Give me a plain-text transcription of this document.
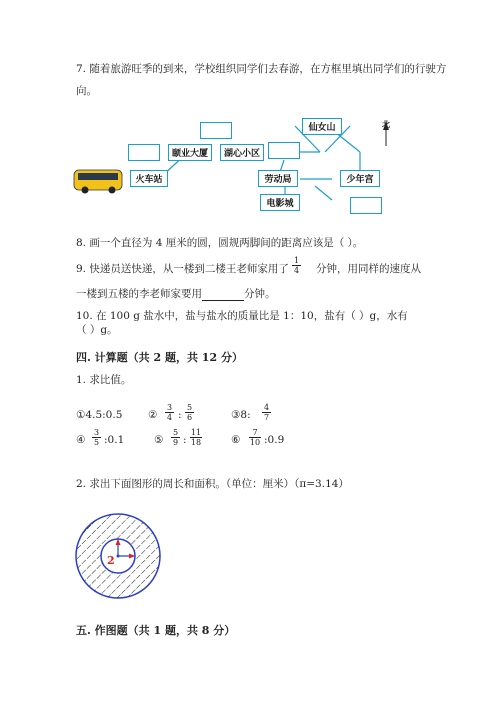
7. 随着旅游旺季的到来，学校组织同学们去春游，在方框里填出同学们的行驶方
向。
北
颐业大厦	湖心小区
仙女山
火车站	劳动局	少年宫
电影城
8. 画一个直径为 4 厘米的圆，圆规两脚间的距离应该是（ ）。
9. 快递员送快递，从一楼到二楼王老师家用了
1
4 分钟，用同样的速度从
一楼到五楼的李老师家要用	分钟。
10. 在 100 g 盐水中，盐与盐水的质量比是 1：10，盐有（ ）g，水有
（ ）g。
四. 计算题（共 2 题，共 12 分）
1. 求比值。
①4.5:0.5 ②
3
4 :
5
6	③8:
4
7
④
3
5 :0.1	⑤
5
9 :
11
18	⑥
7
10 :0.9
2. 求出下面图形的周长和面积。（单位：厘米）（π=3.14）
2
五. 作图题（共 1 题，共 8 分）
